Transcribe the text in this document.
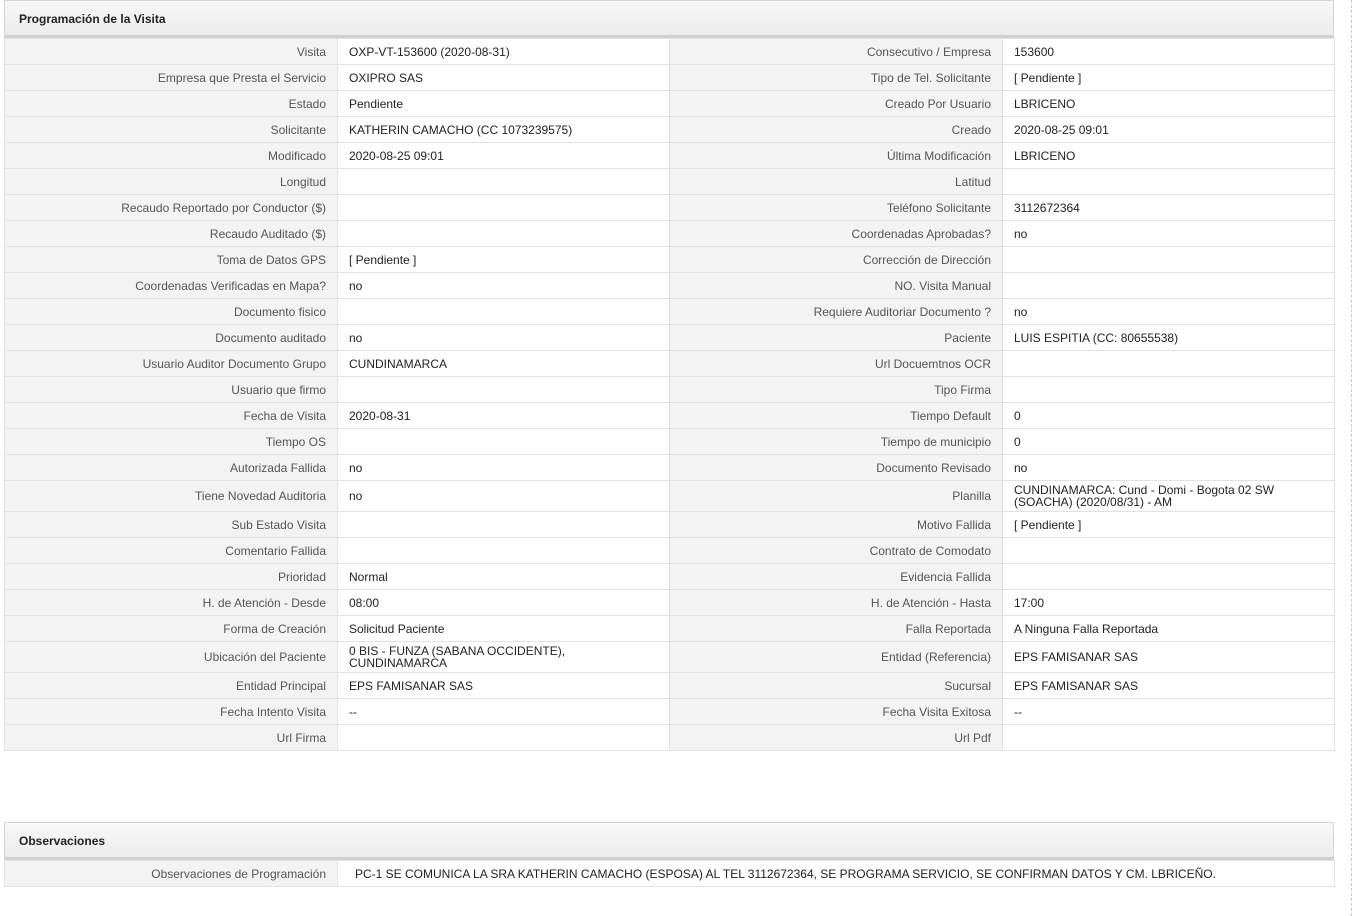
Programación de la Visita
Visita	OXP-VT-153600 (2020-08-31)	Consecutivo / Empresa	153600
Empresa que Presta el Servicio	OXIPRO SAS	Tipo de Tel. Solicitante	[ Pendiente ]
Estado	Pendiente	Creado Por Usuario	LBRICENO
Solicitante	KATHERIN CAMACHO (CC 1073239575)	Creado	2020-08-25 09:01
Modificado	2020-08-25 09:01	Última Modificación	LBRICENO
Longitud		Latitud	
Recaudo Reportado por Conductor ($)		Teléfono Solicitante	3112672364
Recaudo Auditado ($)		Coordenadas Aprobadas?	no
Toma de Datos GPS	[ Pendiente ]	Corrección de Dirección	
Coordenadas Verificadas en Mapa?	no	NO. Visita Manual	
Documento fisico		Requiere Auditoriar Documento ?	no
Documento auditado	no	Paciente	LUIS ESPITIA (CC: 80655538)
Usuario Auditor Documento Grupo	CUNDINAMARCA	Url Docuemtnos OCR	
Usuario que firmo		Tipo Firma	
Fecha de Visita	2020-08-31	Tiempo Default	0
Tiempo OS		Tiempo de municipio	0
Autorizada Fallida	no	Documento Revisado	no
Tiene Novedad Auditoria	no	Planilla	CUNDINAMARCA: Cund - Domi - Bogota 02 SW (SOACHA) (2020/08/31) - AM
Sub Estado Visita		Motivo Fallida	[ Pendiente ]
Comentario Fallida		Contrato de Comodato	
Prioridad	Normal	Evidencia Fallida	
H. de Atención - Desde	08:00	H. de Atención - Hasta	17:00
Forma de Creación	Solicitud Paciente	Falla Reportada	A Ninguna Falla Reportada
Ubicación del Paciente	0 BIS - FUNZA (SABANA OCCIDENTE), CUNDINAMARCA	Entidad (Referencia)	EPS FAMISANAR SAS
Entidad Principal	EPS FAMISANAR SAS	Sucursal	EPS FAMISANAR SAS
Fecha Intento Visita	--	Fecha Visita Exitosa	--
Url Firma		Url Pdf	
Observaciones
Observaciones de Programación	PC-1 SE COMUNICA LA SRA KATHERIN CAMACHO (ESPOSA) AL TEL 3112672364, SE PROGRAMA SERVICIO, SE CONFIRMAN DATOS Y CM. LBRICEÑO.
